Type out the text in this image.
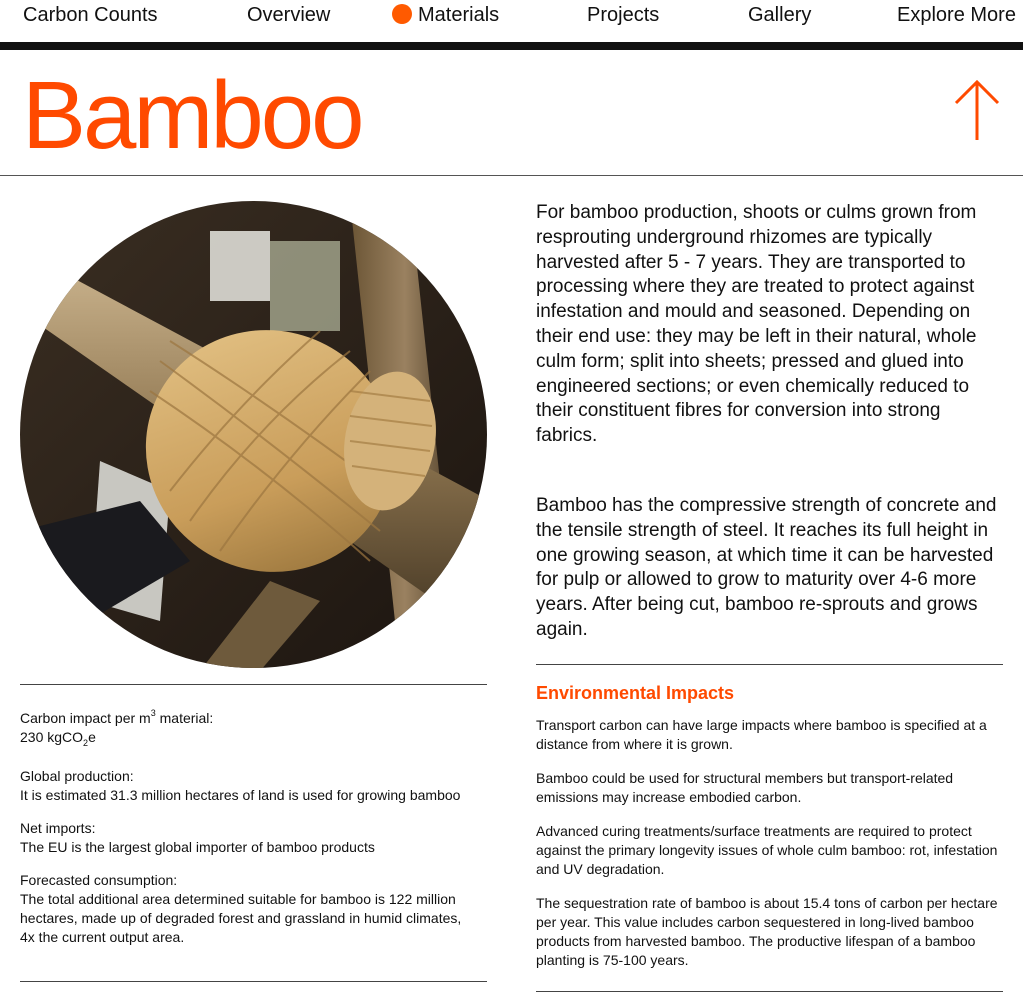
Carbon Counts	Overview	Materials	Projects	Gallery	Explore More
Bamboo
Carbon impact per $m^3$ material:
230 kgCO$_2$e
Global production:
It is estimated 31.3 million hectares of land is used for growing bamboo
Net imports:
The EU is the largest global importer of bamboo products
Forecasted consumption:
The total additional area determined suitable for bamboo is 122 million hectares, made up of degraded forest and grassland in humid climates, 4x the current output area.

For bamboo production, shoots or culms grown from resprouting underground rhizomes are typically harvested after 5 - 7 years. They are transported to processing where they are treated to protect against infestation and mould and seasoned. Depending on their end use: they may be left in their natural, whole culm form; split into sheets; pressed and glued into engineered sections; or even chemically reduced to their constituent fibres for conversion into strong fabrics.

Bamboo has the compressive strength of concrete and the tensile strength of steel. It reaches its full height in one growing season, at which time it can be harvested for pulp or allowed to grow to maturity over 4-6 more years. After being cut, bamboo re-sprouts and grows again.

Environmental Impacts

Transport carbon can have large impacts where bamboo is specified at a distance from where it is grown.

Bamboo could be used for structural members but transport-related emissions may increase embodied carbon.

Advanced curing treatments/surface treatments are required to protect against the primary longevity issues of whole culm bamboo: rot, infestation and UV degradation.

The sequestration rate of bamboo is about 15.4 tons of carbon per hectare per year. This value includes carbon sequestered in long-lived bamboo products from harvested bamboo. The productive lifespan of a bamboo planting is 75-100 years.
